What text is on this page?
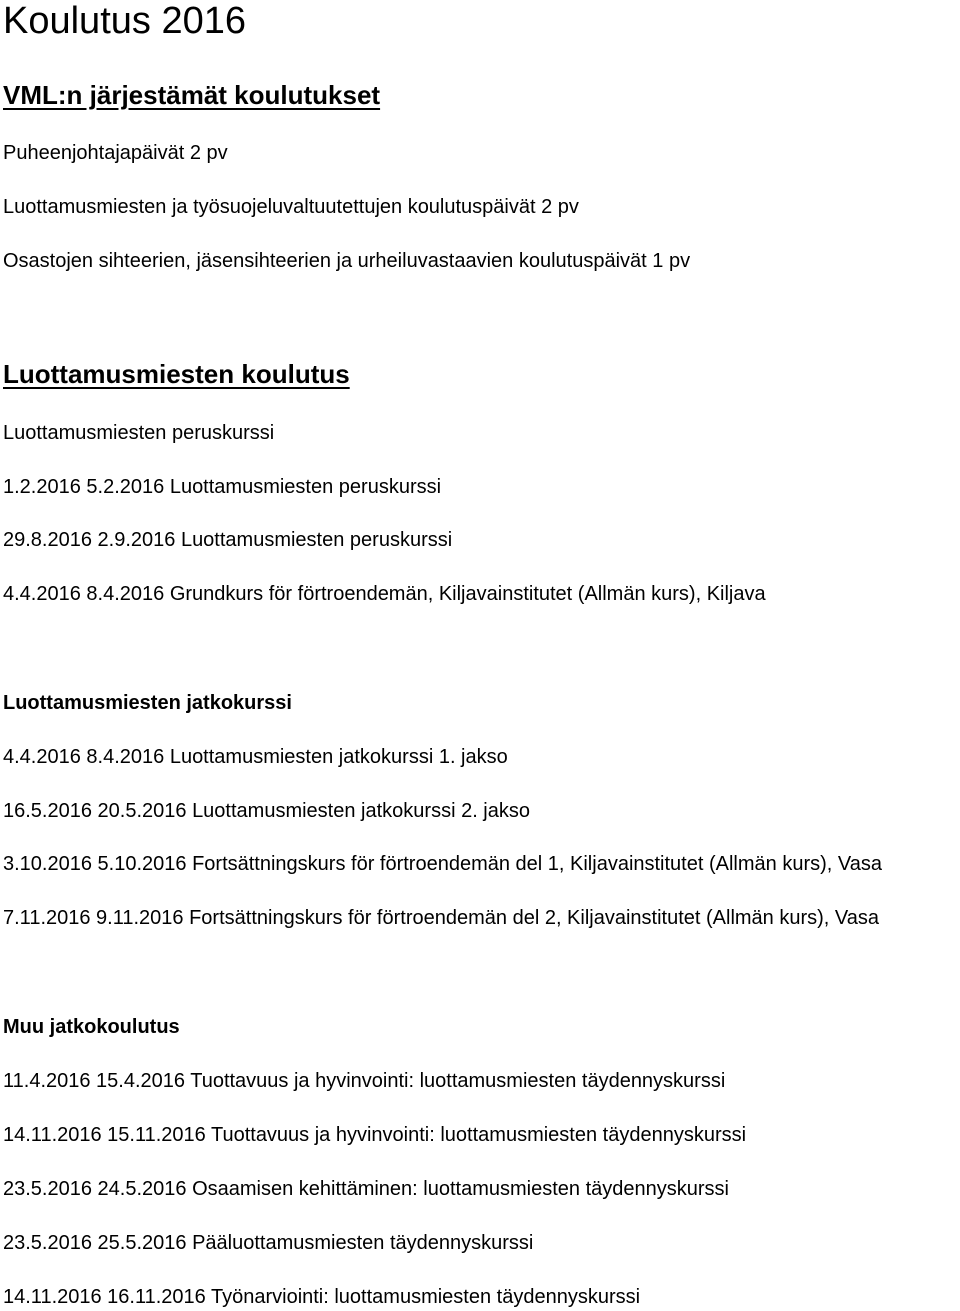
Koulutus 2016
VML:n järjestämät koulutukset

Puheenjohtajapäivät 2 pv

Luottamusmiesten ja työsuojeluvaltuutettujen koulutuspäivät 2 pv

Osastojen sihteerien, jäsensihteerien ja urheiluvastaavien koulutuspäivät 1 pv

Luottamusmiesten koulutus

Luottamusmiesten peruskurssi

1.2.2016 5.2.2016 Luottamusmiesten peruskurssi

29.8.2016 2.9.2016 Luottamusmiesten peruskurssi

4.4.2016 8.4.2016 Grundkurs för förtroendemän, Kiljavainstitutet (Allmän kurs), Kiljava

Luottamusmiesten jatkokurssi

4.4.2016 8.4.2016 Luottamusmiesten jatkokurssi 1. jakso

16.5.2016 20.5.2016 Luottamusmiesten jatkokurssi 2. jakso

3.10.2016 5.10.2016 Fortsättningskurs för förtroendemän del 1, Kiljavainstitutet (Allmän kurs), Vasa

7.11.2016 9.11.2016 Fortsättningskurs för förtroendemän del 2, Kiljavainstitutet (Allmän kurs), Vasa

Muu jatkokoulutus

11.4.2016 15.4.2016 Tuottavuus ja hyvinvointi: luottamusmiesten täydennyskurssi

14.11.2016 15.11.2016 Tuottavuus ja hyvinvointi: luottamusmiesten täydennyskurssi

23.5.2016 24.5.2016 Osaamisen kehittäminen: luottamusmiesten täydennyskurssi

23.5.2016 25.5.2016 Pääluottamusmiesten täydennyskurssi

14.11.2016 16.11.2016 Työnarviointi: luottamusmiesten täydennyskurssi
